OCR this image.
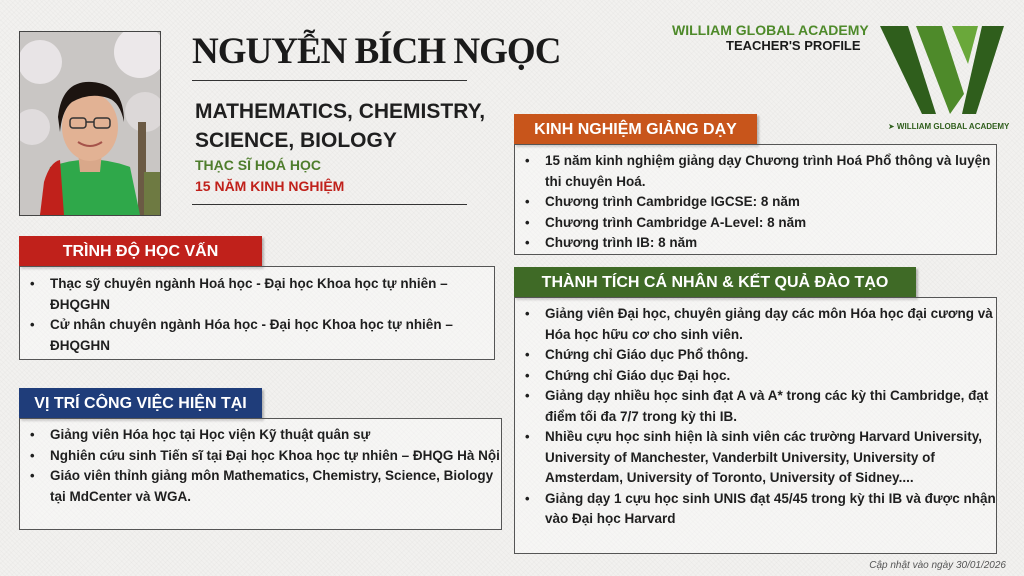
NGUYỄN BÍCH NGỌC
MATHEMATICS, CHEMISTRY, SCIENCE, BIOLOGY
THẠC SĨ HOÁ HỌC
15 NĂM KINH NGHIỆM
WILLIAM GLOBAL ACADEMY
TEACHER'S PROFILE
➤ WILLIAM GLOBAL ACADEMY
TRÌNH ĐỘ HỌC VẤN
• Thạc sỹ chuyên ngành Hoá học - Đại học Khoa học tự nhiên – ĐHQGHN
• Cử nhân chuyên ngành Hóa học - Đại học Khoa học tự nhiên – ĐHQGHN
VỊ TRÍ CÔNG VIỆC HIỆN TẠI
• Giảng viên Hóa học tại Học viện Kỹ thuật quân sự
• Nghiên cứu sinh Tiến sĩ tại Đại học Khoa học tự nhiên – ĐHQG Hà Nội
• Giáo viên thỉnh giảng môn Mathematics, Chemistry, Science, Biology tại MdCenter và WGA.
KINH NGHIỆM GIẢNG DẠY
• 15 năm kinh nghiệm giảng dạy Chương trình Hoá Phổ thông và luyện thi chuyên Hoá.
• Chương trình Cambridge IGCSE: 8 năm
• Chương trình Cambridge A-Level: 8 năm
• Chương trình IB: 8 năm
THÀNH TÍCH CÁ NHÂN & KẾT QUẢ ĐÀO TẠO
• Giảng viên Đại học, chuyên giảng dạy các môn Hóa học đại cương và Hóa học hữu cơ cho sinh viên.
• Chứng chỉ Giáo dục Phổ thông.
• Chứng chỉ Giáo dục Đại học.
• Giảng dạy nhiều học sinh đạt A và A* trong các kỳ thi Cambridge, đạt điểm tối đa 7/7 trong kỳ thi IB.
• Nhiều cựu học sinh hiện là sinh viên các trường Harvard University, University of Manchester, Vanderbilt University, University of Amsterdam, University of Toronto, University of Sidney....
• Giảng dạy 1 cựu học sinh UNIS đạt 45/45 trong kỳ thi IB và được nhận vào Đại học Harvard
Cập nhật vào ngày 30/01/2026
